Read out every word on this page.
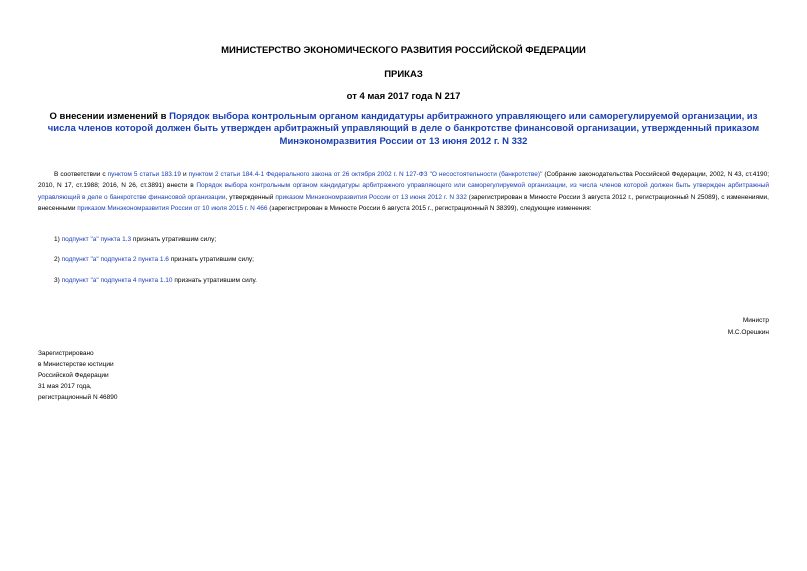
МИНИСТЕРСТВО ЭКОНОМИЧЕСКОГО РАЗВИТИЯ РОССИЙСКОЙ ФЕДЕРАЦИИ
ПРИКАЗ
от 4 мая 2017 года N 217
О внесении изменений в Порядок выбора контрольным органом кандидатуры арбитражного управляющего или саморегулируемой организации, из числа членов которой должен быть утвержден арбитражный управляющий в деле о банкротстве финансовой организации, утвержденный приказом Минэкономразвития России от 13 июня 2012 г. N 332
В соответствии с пунктом 5 статьи 183.19 и пунктом 2 статьи 184.4-1 Федерального закона от 26 октября 2002 г. N 127-ФЗ "О несостоятельности (банкротстве)" (Собрание законодательства Российской Федерации, 2002, N 43, ст.4190; 2010, N 17, ст.1988; 2016, N 26, ст.3891) внести в Порядок выбора контрольным органом кандидатуры арбитражного управляющего или саморегулируемой организации, из числа членов которой должен быть утвержден арбитражный управляющий в деле о банкротстве финансовой организации, утвержденный приказом Минэкономразвития России от 13 июня 2012 г. N 332 (зарегистрирован в Минюсте России 3 августа 2012 г., регистрационный N 25089), с изменениями, внесенными приказом Минэкономразвития России от 10 июля 2015 г. N 466 (зарегистрирован в Минюсте России 6 августа 2015 г., регистрационный N 38399), следующие изменения:
1) подпункт "а" пункта 1.3 признать утратившим силу;
2) подпункт "а" подпункта 2 пункта 1.6 признать утратившим силу;
3) подпункт "а" подпункта 4 пункта 1.10 признать утратившим силу.
Министр
М.С.Орешкин
Зарегистрировано
в Министерстве юстиции
Российской Федерации
31 мая 2017 года,
регистрационный N 46890
